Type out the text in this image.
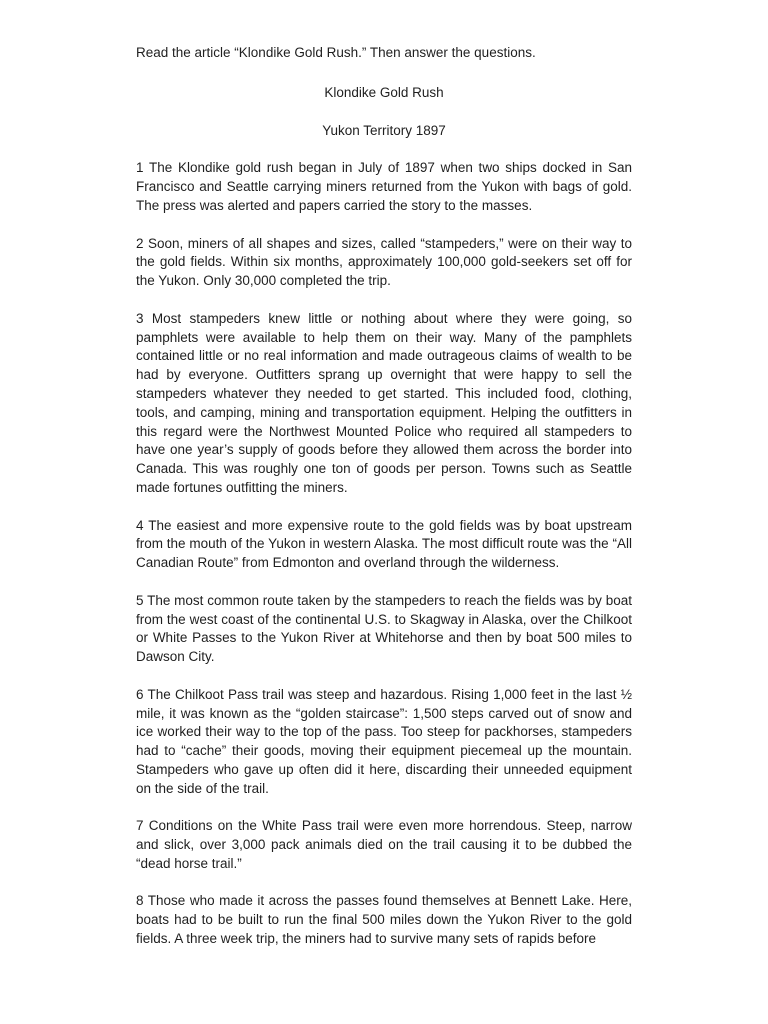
Read the article “Klondike Gold Rush.” Then answer the questions.

Klondike Gold Rush

Yukon Territory 1897

1 The Klondike gold rush began in July of 1897 when two ships docked in San Francisco and Seattle carrying miners returned from the Yukon with bags of gold. The press was alerted and papers carried the story to the masses.

2 Soon, miners of all shapes and sizes, called “stampeders,” were on their way to the gold fields. Within six months, approximately 100,000 gold-seekers set off for the Yukon. Only 30,000 completed the trip.

3 Most stampeders knew little or nothing about where they were going, so pamphlets were available to help them on their way. Many of the pamphlets contained little or no real information and made outrageous claims of wealth to be had by everyone. Outfitters sprang up overnight that were happy to sell the stampeders whatever they needed to get started. This included food, clothing, tools, and camping, mining and transportation equipment. Helping the outfitters in this regard were the Northwest Mounted Police who required all stampeders to have one year’s supply of goods before they allowed them across the border into Canada. This was roughly one ton of goods per person. Towns such as Seattle made fortunes outfitting the miners.

4 The easiest and more expensive route to the gold fields was by boat upstream from the mouth of the Yukon in western Alaska. The most difficult route was the “All Canadian Route” from Edmonton and overland through the wilderness.

5 The most common route taken by the stampeders to reach the fields was by boat from the west coast of the continental U.S. to Skagway in Alaska, over the Chilkoot or White Passes to the Yukon River at Whitehorse and then by boat 500 miles to Dawson City.

6 The Chilkoot Pass trail was steep and hazardous. Rising 1,000 feet in the last ½ mile, it was known as the “golden staircase”: 1,500 steps carved out of snow and ice worked their way to the top of the pass. Too steep for packhorses, stampeders had to “cache” their goods, moving their equipment piecemeal up the mountain. Stampeders who gave up often did it here, discarding their unneeded equipment on the side of the trail.

7 Conditions on the White Pass trail were even more horrendous. Steep, narrow and slick, over 3,000 pack animals died on the trail causing it to be dubbed the “dead horse trail.”

8 Those who made it across the passes found themselves at Bennett Lake. Here, boats had to be built to run the final 500 miles down the Yukon River to the gold fields. A three week trip, the miners had to survive many sets of rapids before
